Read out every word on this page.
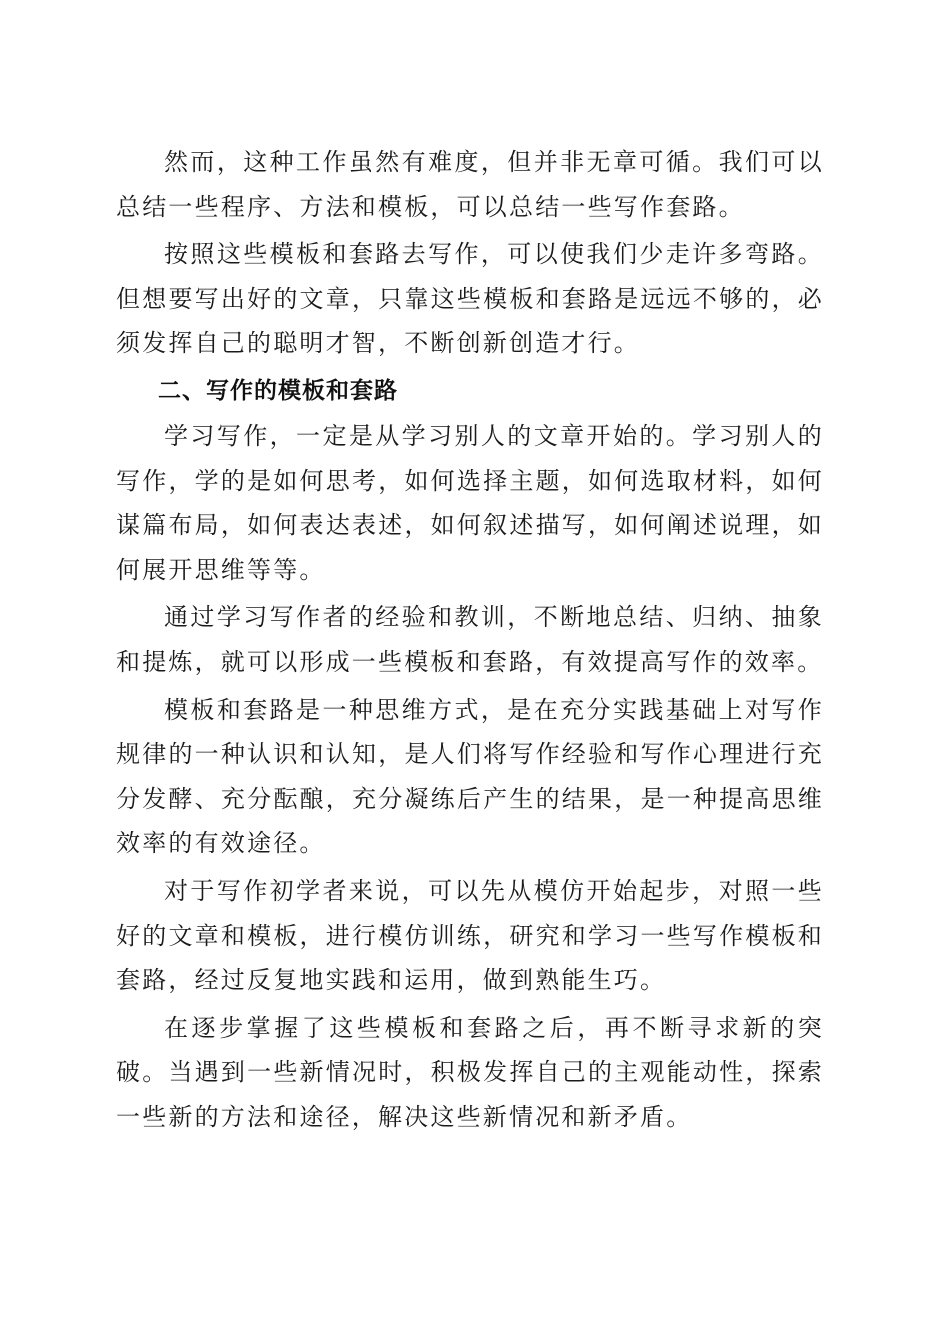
然而，这种工作虽然有难度，但并非无章可循。我们可以总结一些程序、方法和模板，可以总结一些写作套路。

按照这些模板和套路去写作，可以使我们少走许多弯路。但想要写出好的文章，只靠这些模板和套路是远远不够的，必须发挥自己的聪明才智，不断创新创造才行。

二、写作的模板和套路

学习写作，一定是从学习别人的文章开始的。学习别人的写作，学的是如何思考，如何选择主题，如何选取材料，如何谋篇布局，如何表达表述，如何叙述描写，如何阐述说理，如何展开思维等等。

通过学习写作者的经验和教训，不断地总结、归纳、抽象和提炼，就可以形成一些模板和套路，有效提高写作的效率。

模板和套路是一种思维方式，是在充分实践基础上对写作规律的一种认识和认知，是人们将写作经验和写作心理进行充分发酵、充分酝酿，充分凝练后产生的结果，是一种提高思维效率的有效途径。

对于写作初学者来说，可以先从模仿开始起步，对照一些好的文章和模板，进行模仿训练，研究和学习一些写作模板和套路，经过反复地实践和运用，做到熟能生巧。

在逐步掌握了这些模板和套路之后，再不断寻求新的突破。当遇到一些新情况时，积极发挥自己的主观能动性，探索一些新的方法和途径，解决这些新情况和新矛盾。
